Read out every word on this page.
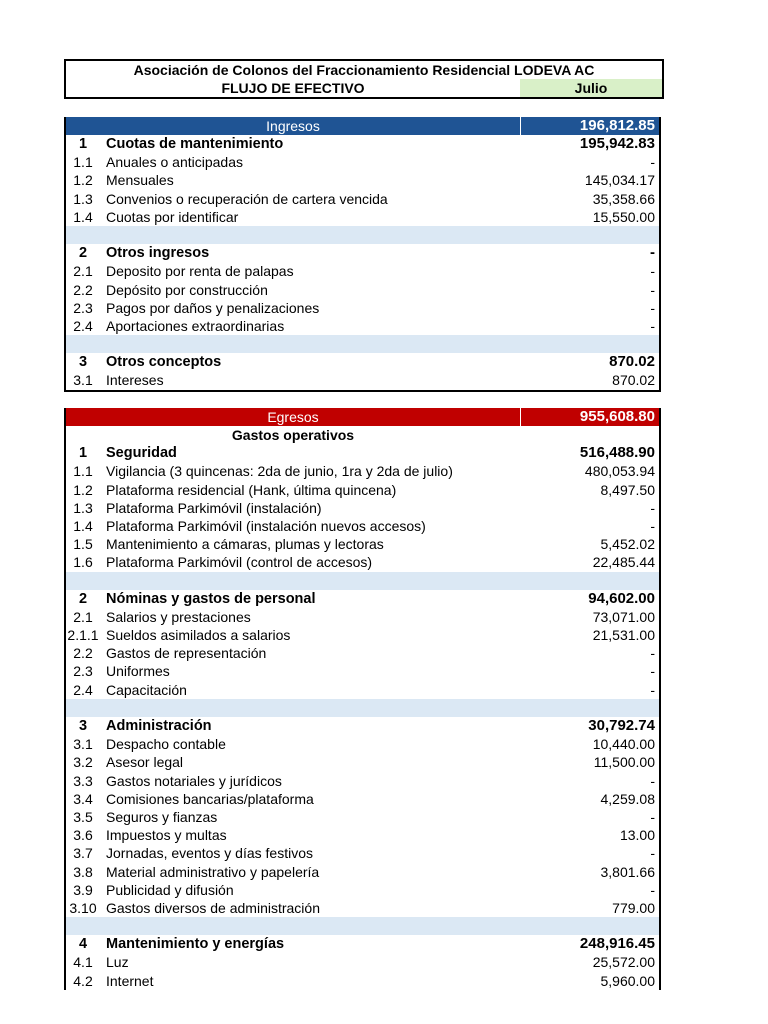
Asociación de Colonos del Fraccionamiento Residencial LODEVA AC
FLUJO DE EFECTIVO	Julio
Ingresos	196,812.85
1	Cuotas de mantenimiento	195,942.83
1.1 Anuales o anticipadas	-
1.2 Mensuales	145,034.17
1.3 Convenios o recuperación de cartera vencida	35,358.66
1.4 Cuotas por identificar	15,550.00
2	Otros ingresos	-
2.1 Deposito por renta de palapas	-
2.2 Depósito por construcción	-
2.3 Pagos por daños y penalizaciones	-
2.4 Aportaciones extraordinarias	-
3	Otros conceptos	870.02
3.1 Intereses	870.02
Egresos	955,608.80
Gastos operativos
1	Seguridad	516,488.90
1.1 Vigilancia (3 quincenas: 2da de junio, 1ra y 2da de julio)	480,053.94
1.2 Plataforma residencial (Hank, última quincena)	8,497.50
1.3 Plataforma Parkimóvil (instalación)	-
1.4 Plataforma Parkimóvil (instalación nuevos accesos)	-
1.5 Mantenimiento a cámaras, plumas y lectoras	5,452.02
1.6 Plataforma Parkimóvil (control de accesos)	22,485.44
2	Nóminas y gastos de personal	94,602.00
2.1 Salarios y prestaciones	73,071.00
2.1.1 Sueldos asimilados a salarios	21,531.00
2.2 Gastos de representación	-
2.3 Uniformes	-
2.4 Capacitación	-
3	Administración	30,792.74
3.1 Despacho contable	10,440.00
3.2 Asesor legal	11,500.00
3.3 Gastos notariales y jurídicos	-
3.4 Comisiones bancarias/plataforma	4,259.08
3.5 Seguros y fianzas	-
3.6 Impuestos y multas	13.00
3.7 Jornadas, eventos y días festivos	-
3.8 Material administrativo y papelería	3,801.66
3.9 Publicidad y difusión	-
3.10 Gastos diversos de administración	779.00
4	Mantenimiento y energías	248,916.45
4.1 Luz	25,572.00
4.2 Internet	5,960.00
